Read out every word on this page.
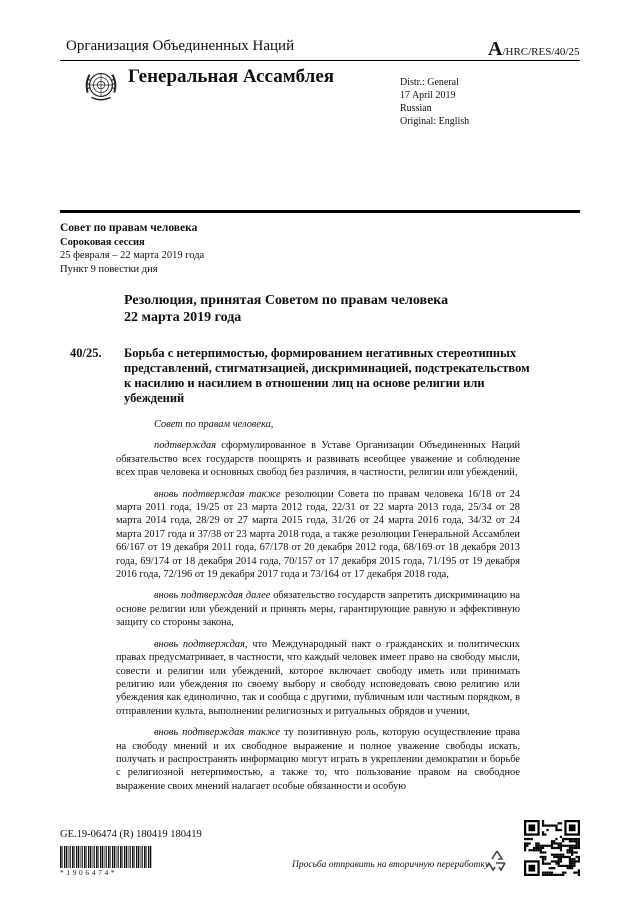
Организация Объединенных Наций	A/HRC/RES/40/25
Генеральная Ассамблея	Distr.: General
17 April 2019
Russian
Original: English
Совет по правам человека
Сороковая сессия
25 февраля – 22 марта 2019 года
Пункт 9 повестки дня
Резолюция, принятая Советом по правам человека
22 марта 2019 года
40/25. Борьба с нетерпимостью, формированием негативных стереотипных представлений, стигматизацией, дискриминацией, подстрекательством к насилию и насилием в отношении лиц на основе религии или убеждений

Совет по правам человека,

подтверждая сформулированное в Уставе Организации Объединенных Наций обязательство всех государств поощрять и развивать всеобщее уважение и соблюдение всех прав человека и основных свобод без различия, в частности, религии или убеждений,

вновь подтверждая также резолюции Совета по правам человека 16/18 от 24 марта 2011 года, 19/25 от 23 марта 2012 года, 22/31 от 22 марта 2013 года, 25/34 от 28 марта 2014 года, 28/29 от 27 марта 2015 года, 31/26 от 24 марта 2016 года, 34/32 от 24 марта 2017 года и 37/38 от 23 марта 2018 года, а также резолюции Генеральной Ассамблеи 66/167 от 19 декабря 2011 года, 67/178 от 20 декабря 2012 года, 68/169 от 18 декабря 2013 года, 69/174 от 18 декабря 2014 года, 70/157 от 17 декабря 2015 года, 71/195 от 19 декабря 2016 года, 72/196 от 19 декабря 2017 года и 73/164 от 17 декабря 2018 года,

вновь подтверждая далее обязательство государств запретить дискриминацию на основе религии или убеждений и принять меры, гарантирующие равную и эффективную защиту со стороны закона,

вновь подтверждая, что Международный пакт о гражданских и политических правах предусматривает, в частности, что каждый человек имеет право на свободу мысли, совести и религии или убеждений, которое включает свободу иметь или принимать религию или убеждения по своему выбору и свободу исповедовать свою религию или убеждения как единолично, так и сообща с другими, публичным или частным порядком, в отправлении культа, выполнении религиозных и ритуальных обрядов и учении,

вновь подтверждая также ту позитивную роль, которую осуществление права на свободу мнений и их свободное выражение и полное уважение свободы искать, получать и распространять информацию могут играть в укреплении демократии и борьбе с религиозной нетерпимостью, а также то, что пользование правом на свободное выражение своих мнений налагает особые обязанности и особую

GE.19-06474 (R) 180419 180419
*1906474*
Просьба отправить на вторичную переработку
